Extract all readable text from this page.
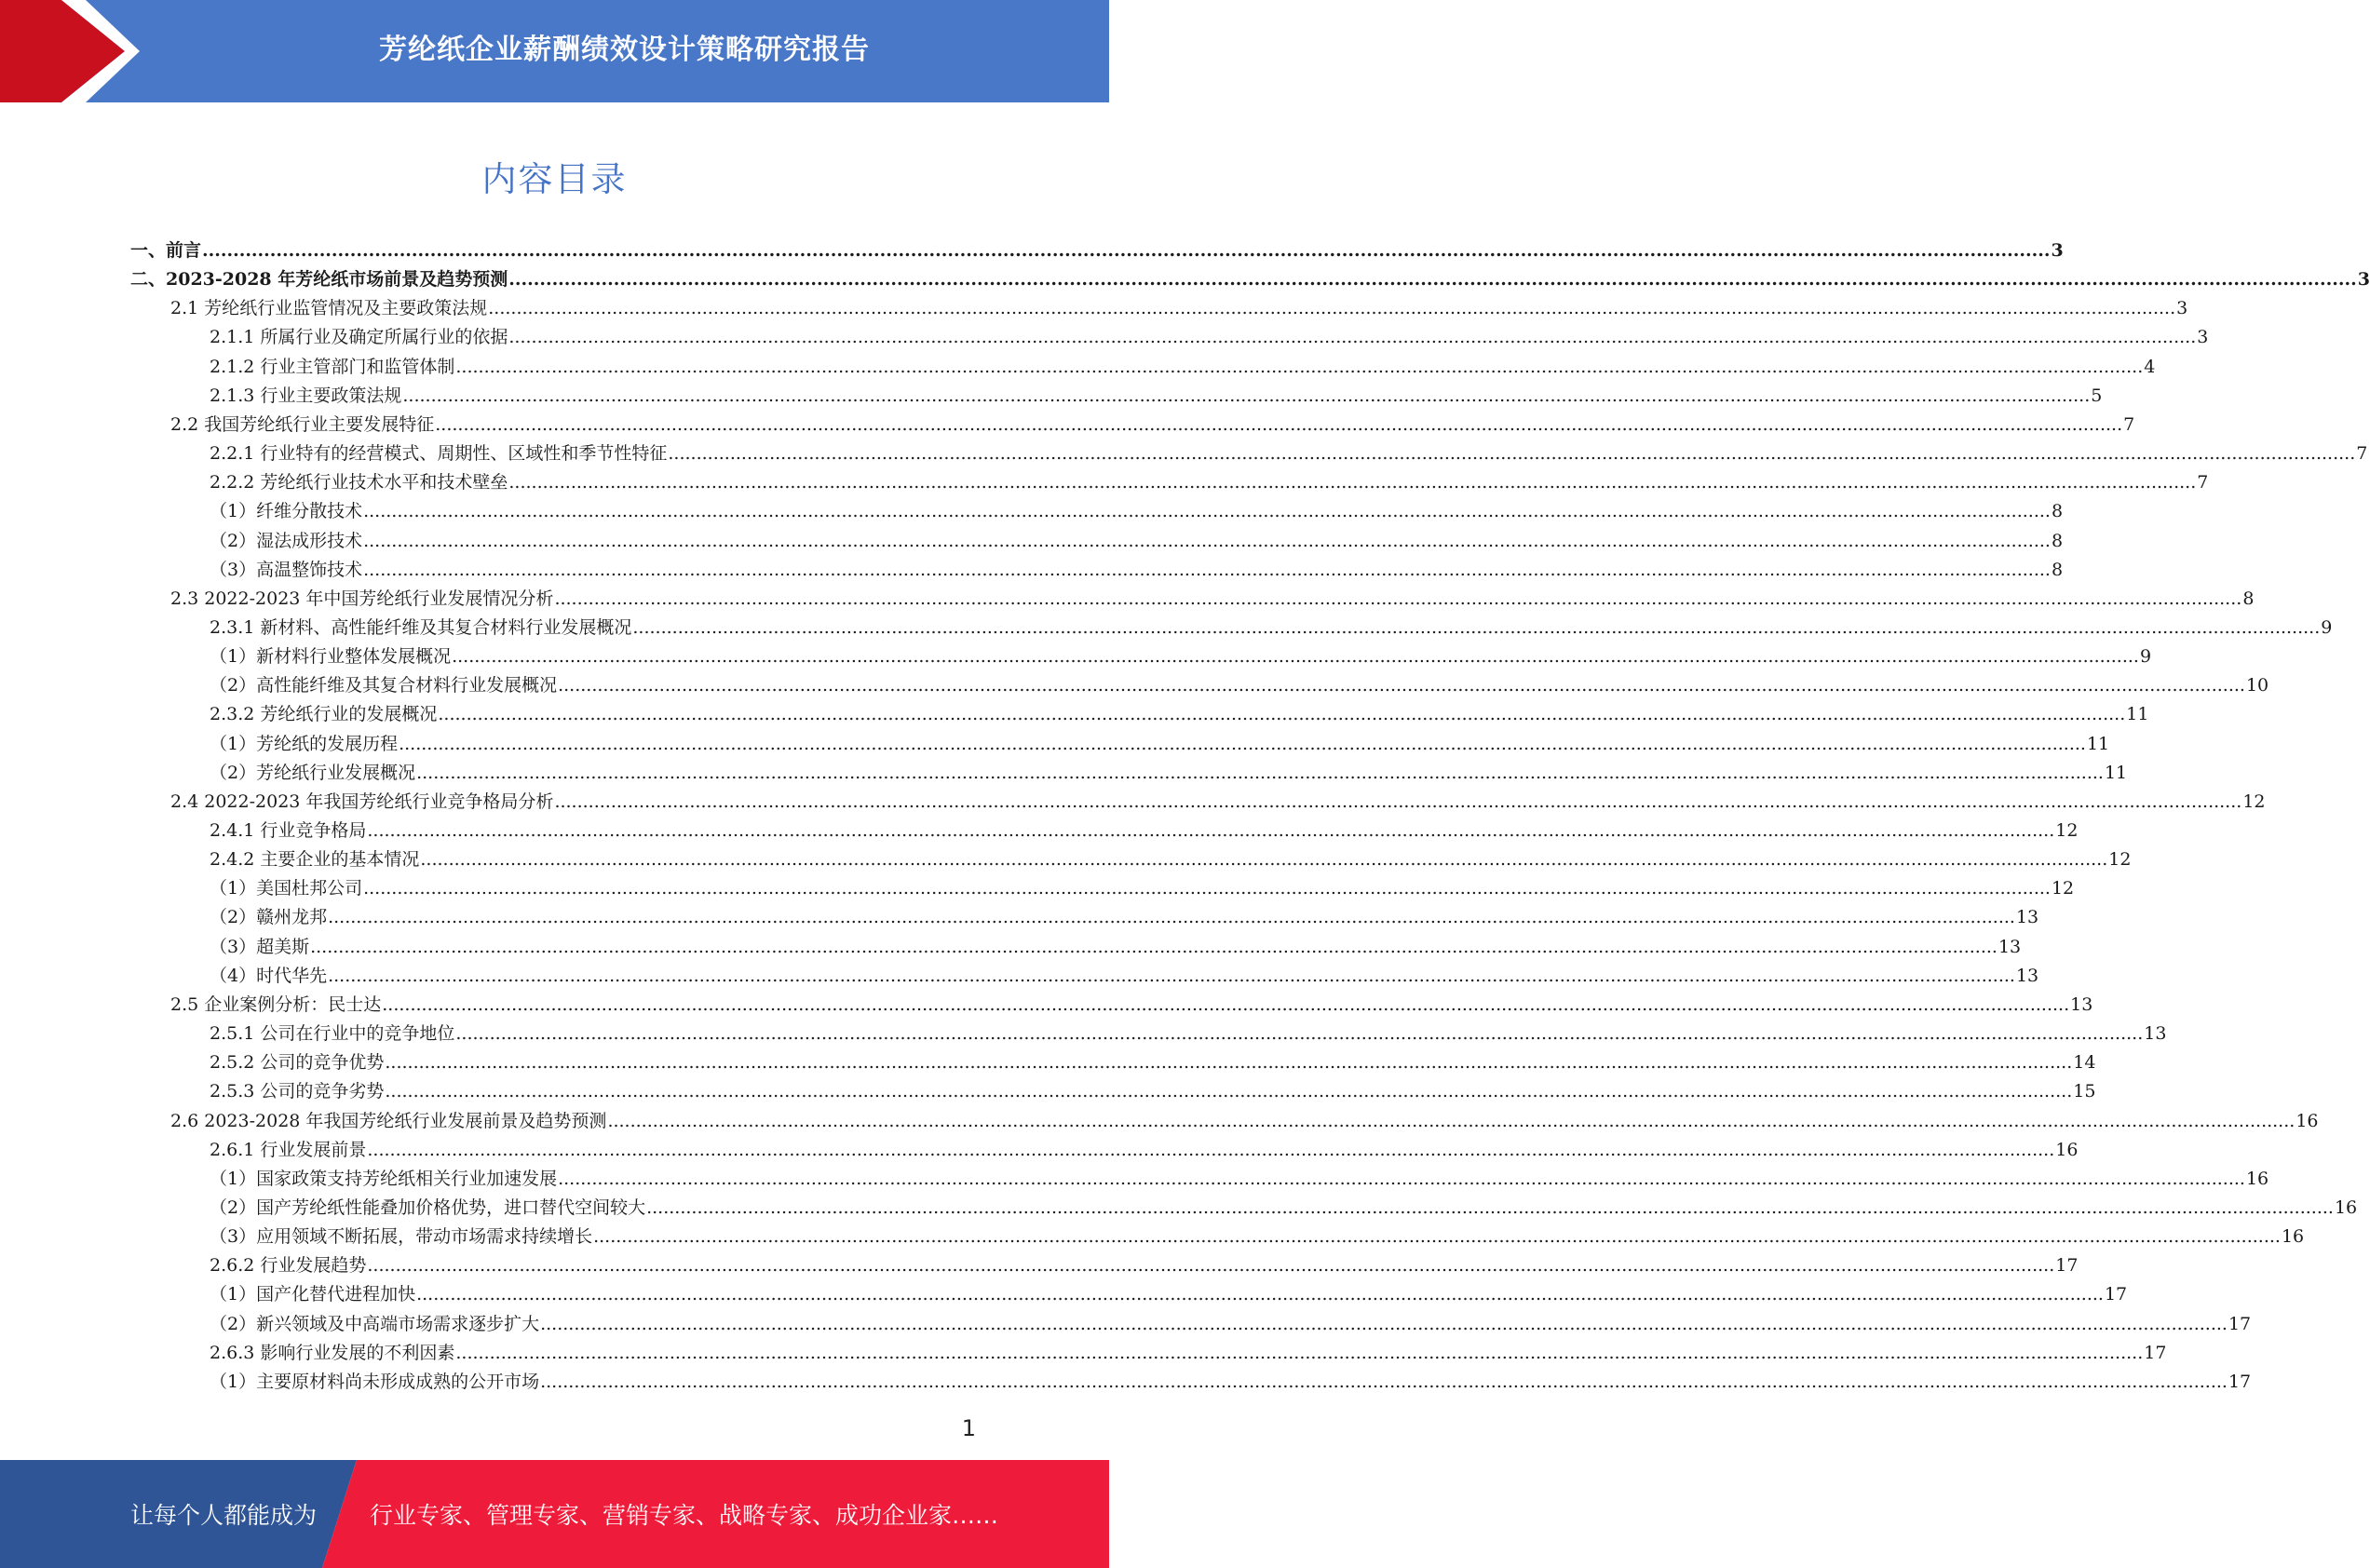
芳纶纸企业薪酬绩效设计策略研究报告
内容目录
一、前言 ............................................................................................................................................................................................................................................................................................................ 3
二、2023-2028 年芳纶纸市场前景及趋势预测 ............................................................................................................................................................................................................................................................................................................ 3
2.1 芳纶纸行业监管情况及主要政策法规 ............................................................................................................................................................................................................................................................................................................ 3
2.1.1 所属行业及确定所属行业的依据 ............................................................................................................................................................................................................................................................................................................ 3
2.1.2 行业主管部门和监管体制 ............................................................................................................................................................................................................................................................................................................ 4
2.1.3 行业主要政策法规 ............................................................................................................................................................................................................................................................................................................ 5
2.2 我国芳纶纸行业主要发展特征 ............................................................................................................................................................................................................................................................................................................ 7
2.2.1 行业特有的经营模式、周期性、区域性和季节性特征 ............................................................................................................................................................................................................................................................................................................ 7
2.2.2 芳纶纸行业技术水平和技术壁垒 ............................................................................................................................................................................................................................................................................................................ 7
（1）纤维分散技术 ............................................................................................................................................................................................................................................................................................................ 8
（2）湿法成形技术 ............................................................................................................................................................................................................................................................................................................ 8
（3）高温整饰技术 ............................................................................................................................................................................................................................................................................................................ 8
2.3 2022-2023 年中国芳纶纸行业发展情况分析 ............................................................................................................................................................................................................................................................................................................ 8
2.3.1 新材料、高性能纤维及其复合材料行业发展概况 ............................................................................................................................................................................................................................................................................................................ 9
（1）新材料行业整体发展概况 ............................................................................................................................................................................................................................................................................................................ 9
（2）高性能纤维及其复合材料行业发展概况 ............................................................................................................................................................................................................................................................................................................ 10
2.3.2 芳纶纸行业的发展概况 ............................................................................................................................................................................................................................................................................................................ 11
（1）芳纶纸的发展历程 ............................................................................................................................................................................................................................................................................................................ 11
（2）芳纶纸行业发展概况 ............................................................................................................................................................................................................................................................................................................ 11
2.4 2022-2023 年我国芳纶纸行业竞争格局分析 ............................................................................................................................................................................................................................................................................................................ 12
2.4.1 行业竞争格局 ............................................................................................................................................................................................................................................................................................................ 12
2.4.2 主要企业的基本情况 ............................................................................................................................................................................................................................................................................................................ 12
（1）美国杜邦公司 ............................................................................................................................................................................................................................................................................................................ 12
（2）赣州龙邦 ............................................................................................................................................................................................................................................................................................................ 13
（3）超美斯 ............................................................................................................................................................................................................................................................................................................ 13
（4）时代华先 ............................................................................................................................................................................................................................................................................................................ 13
2.5 企业案例分析：民士达 ............................................................................................................................................................................................................................................................................................................ 13
2.5.1 公司在行业中的竞争地位 ............................................................................................................................................................................................................................................................................................................ 13
2.5.2 公司的竞争优势 ............................................................................................................................................................................................................................................................................................................ 14
2.5.3 公司的竞争劣势 ............................................................................................................................................................................................................................................................................................................ 15
2.6 2023-2028 年我国芳纶纸行业发展前景及趋势预测 ............................................................................................................................................................................................................................................................................................................ 16
2.6.1 行业发展前景 ............................................................................................................................................................................................................................................................................................................ 16
（1）国家政策支持芳纶纸相关行业加速发展 ............................................................................................................................................................................................................................................................................................................ 16
（2）国产芳纶纸性能叠加价格优势，进口替代空间较大 ............................................................................................................................................................................................................................................................................................................ 16
（3）应用领域不断拓展，带动市场需求持续增长 ............................................................................................................................................................................................................................................................................................................ 16
2.6.2 行业发展趋势 ............................................................................................................................................................................................................................................................................................................ 17
（1）国产化替代进程加快 ............................................................................................................................................................................................................................................................................................................ 17
（2）新兴领域及中高端市场需求逐步扩大 ............................................................................................................................................................................................................................................................................................................ 17
2.6.3 影响行业发展的不利因素 ............................................................................................................................................................................................................................................................................................................ 17
（1）主要原材料尚未形成成熟的公开市场 ............................................................................................................................................................................................................................................................................................................ 17
1
让每个人都能成为 行业专家、管理专家、营销专家、战略专家、成功企业家……
